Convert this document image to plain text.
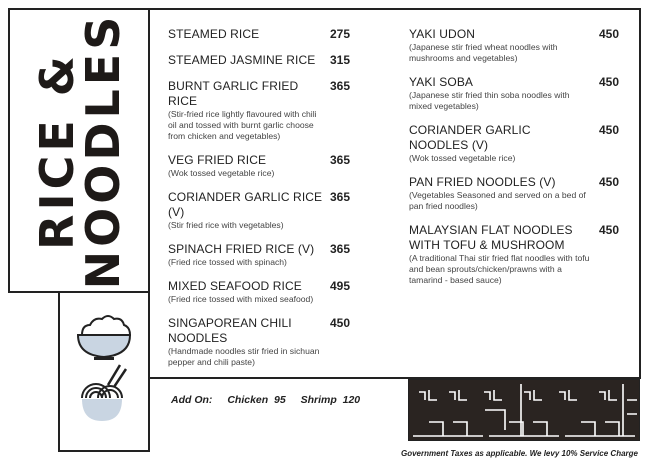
RICE &
NOODLES	STEAMED RICE	275
STEAMED JASMINE RICE	315
BURNT GARLIC FRIED RICE
(Stir-fried rice lightly flavoured with chili oil and tossed with burnt garlic choose from chicken and vegetables)
365
VEG FRIED RICE
(Wok tossed vegetable rice)
365
CORIANDER GARLIC RICE (V)
(Stir fried rice with vegetables)
365
SPINACH FRIED RICE (V)
(Fried rice tossed with spinach)
365
MIXED SEAFOOD RICE
(Fried rice tossed with mixed seafood)
495
SINGAPOREAN CHILI NOODLES
(Handmade noodles stir fried in sichuan pepper and chili paste)
450
Add On: Chicken  95 Shrimp  120
YAKI UDON
(Japanese stir fried wheat noodles with mushrooms and vegetables)
450
YAKI SOBA
(Japanese stir fried thin soba noodles with mixed vegetables)
450
CORIANDER GARLIC NOODLES (V)
(Wok tossed vegetable rice)
450
PAN FRIED NOODLES (V)
(Vegetables Seasoned and served on a bed of pan fried noodles)
450
MALAYSIAN FLAT NOODLES WITH TOFU & MUSHROOM
(A traditional Thai stir fried flat noodles with tofu and bean sprouts/chicken/prawns with a tamarind - based sauce)
450
Government Taxes as applicable. We levy 10% Service Charge
